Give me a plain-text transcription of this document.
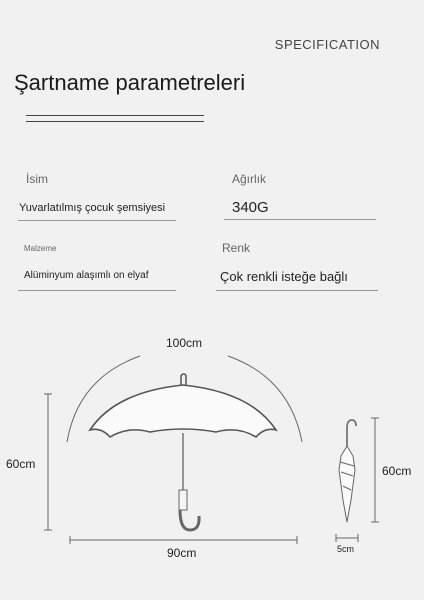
SPECIFICATION
Şartname parametreleri
İsim
Yuvarlatılmış çocuk şemsiyesi
Ağırlık
340G
Malzeme
Alüminyum alaşımlı on elyaf
Renk
Çok renkli isteğe bağlı
100cm
60cm
90cm
60cm
5cm
